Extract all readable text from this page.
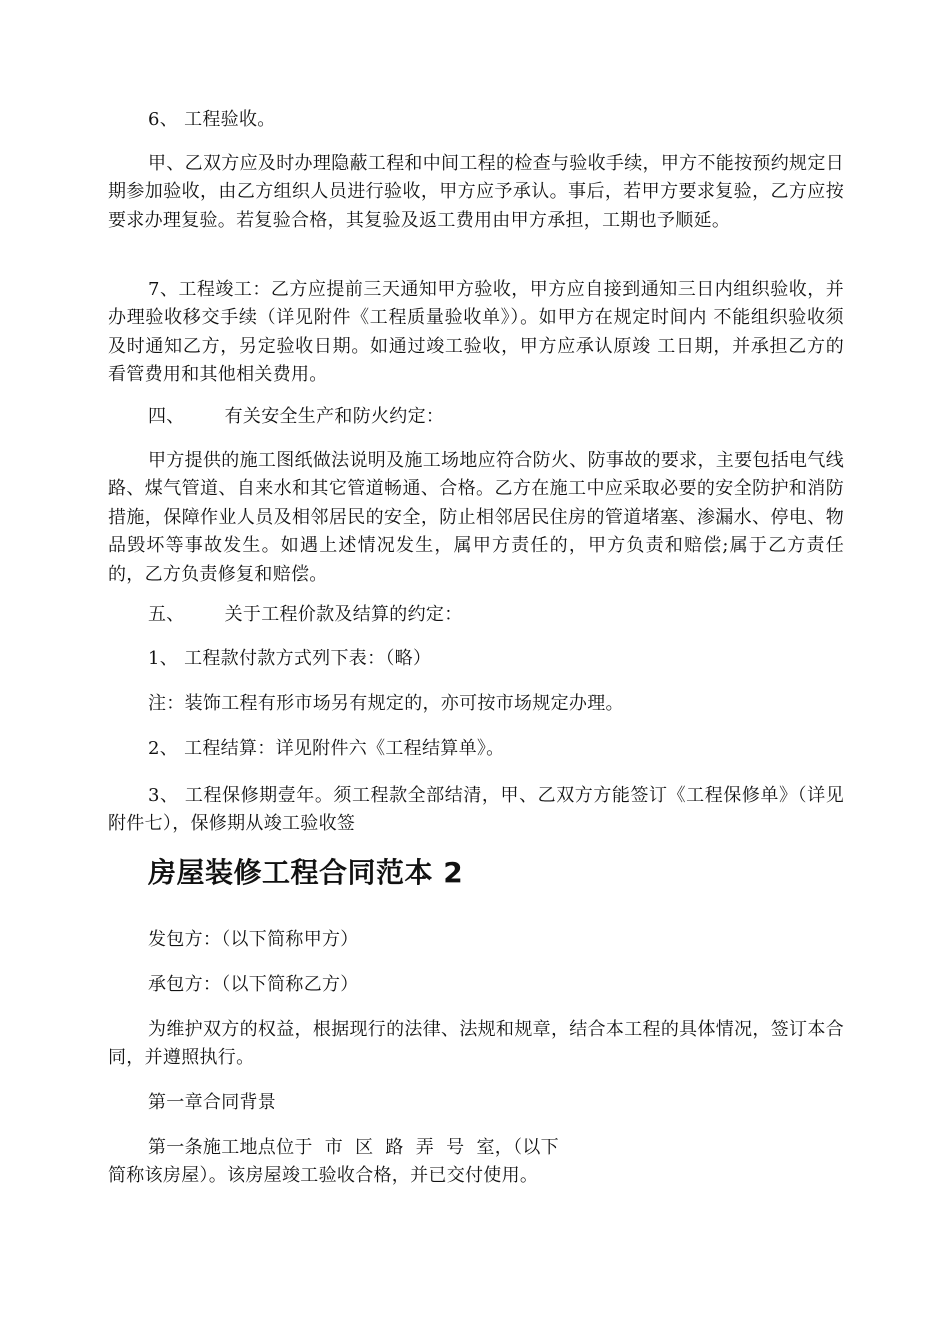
6、 工程验收。

甲、乙双方应及时办理隐蔽工程和中间工程的检查与验收手续，甲方不能按预约规定日期参加验收，由乙方组织人员进行验收，甲方应予承认。事后，若甲方要求复验，乙方应按要求办理复验。若复验合格，其复验及返工费用由甲方承担，工期也予顺延。

7、工程竣工：乙方应提前三天通知甲方验收，甲方应自接到通知三日内组织验收，并办理验收移交手续（详见附件《工程质量验收单》）。如甲方在规定时间内 不能组织验收须及时通知乙方，另定验收日期。如通过竣工验收，甲方应承认原竣 工日期，并承担乙方的看管费用和其他相关费用。

四、 有关安全生产和防火约定：

甲方提供的施工图纸做法说明及施工场地应符合防火、防事故的要求，主要包括电气线路、煤气管道、自来水和其它管道畅通、合格。乙方在施工中应采取必要的安全防护和消防措施，保障作业人员及相邻居民的安全，防止相邻居民住房的管道堵塞、渗漏水、停电、物品毁坏等事故发生。如遇上述情况发生，属甲方责任的，甲方负责和赔偿;属于乙方责任的，乙方负责修复和赔偿。

五、 关于工程价款及结算的约定：

1、 工程款付款方式列下表：（略）

注：装饰工程有形市场另有规定的，亦可按市场规定办理。

2、 工程结算：详见附件六《工程结算单》。

3、 工程保修期壹年。须工程款全部结清，甲、乙双方方能签订《工程保修单》（详见附件七），保修期从竣工验收签

房屋装修工程合同范本 2

发包方：（以下简称甲方）

承包方：（以下简称乙方）

为维护双方的权益，根据现行的法律、法规和规章，结合本工程的具体情况，签订本合同，并遵照执行。

第一章合同背景

第一条施工地点位于  市  区  路  弄  号  室，（以下

简称该房屋）。该房屋竣工验收合格，并已交付使用。
